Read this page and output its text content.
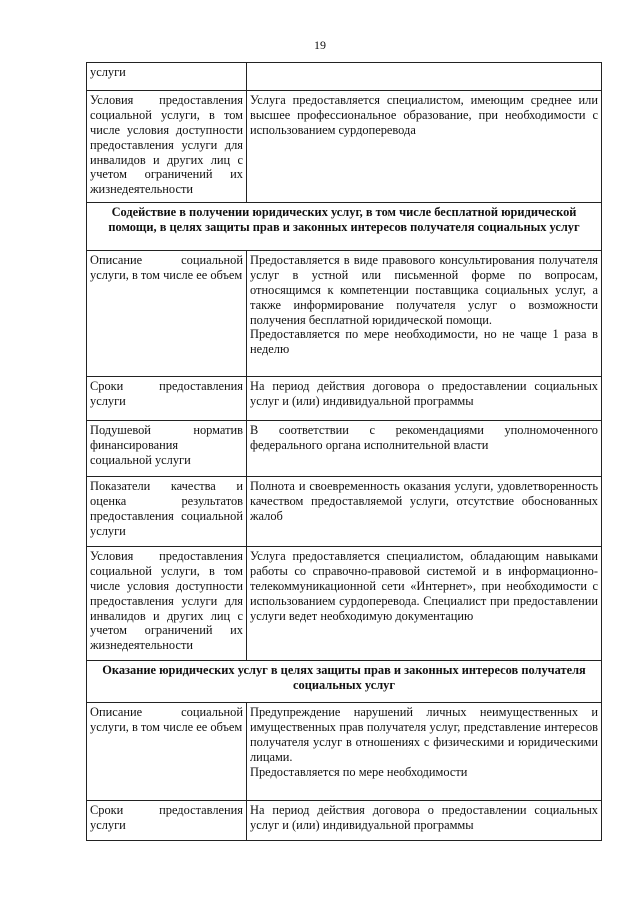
19
услуги	

Условия предоставления социальной услуги, в том числе условия доступности предоставления услуги для инвалидов и других лиц с учетом ограничений их жизнедеятельности	Услуга предоставляется специалистом, имеющим среднее или высшее профессиональное образование, при необходимости с использованием сурдоперевода

Содействие в получении юридических услуг, в том числе бесплатной юридической помощи, в целях защиты прав и законных интересов получателя социальных услуг	

Описание социальной услуги, в том числе ее объем	Предоставляется в виде правового консультирования получателя услуг в устной или письменной форме по вопросам, относящимся к компетенции поставщика социальных услуг, а также информирование получателя услуг о возможности получения бесплатной юридической помощи.
Предоставляется по мере необходимости, но не чаще 1 раза в неделю

Сроки предоставления услуги	На период действия договора о предоставлении социальных услуг и (или) индивидуальной программы

Подушевой норматив финансирования социальной услуги	В соответствии с рекомендациями уполномоченного федерального органа исполнительной власти

Показатели качества и оценка результатов предоставления социальной услуги	Полнота и своевременность оказания услуги, удовлетворенность качеством предоставляемой услуги, отсутствие обоснованных жалоб

Условия предоставления социальной услуги, в том числе условия доступности предоставления услуги для инвалидов и других лиц с учетом ограничений их жизнедеятельности	Услуга предоставляется специалистом, обладающим навыками работы со справочно-правовой системой и в информационно-телекоммуникационной сети «Интернет», при необходимости с использованием сурдоперевода. Специалист при предоставлении услуги ведет необходимую документацию

Оказание юридических услуг в целях защиты прав и законных интересов получателя социальных услуг	

Описание социальной услуги, в том числе ее объем	Предупреждение нарушений личных неимущественных и имущественных прав получателя услуг, представление интересов получателя услуг в отношениях с физическими и юридическими лицами.
Предоставляется по мере необходимости

Сроки предоставления услуги	На период действия договора о предоставлении социальных услуг и (или) индивидуальной программы
